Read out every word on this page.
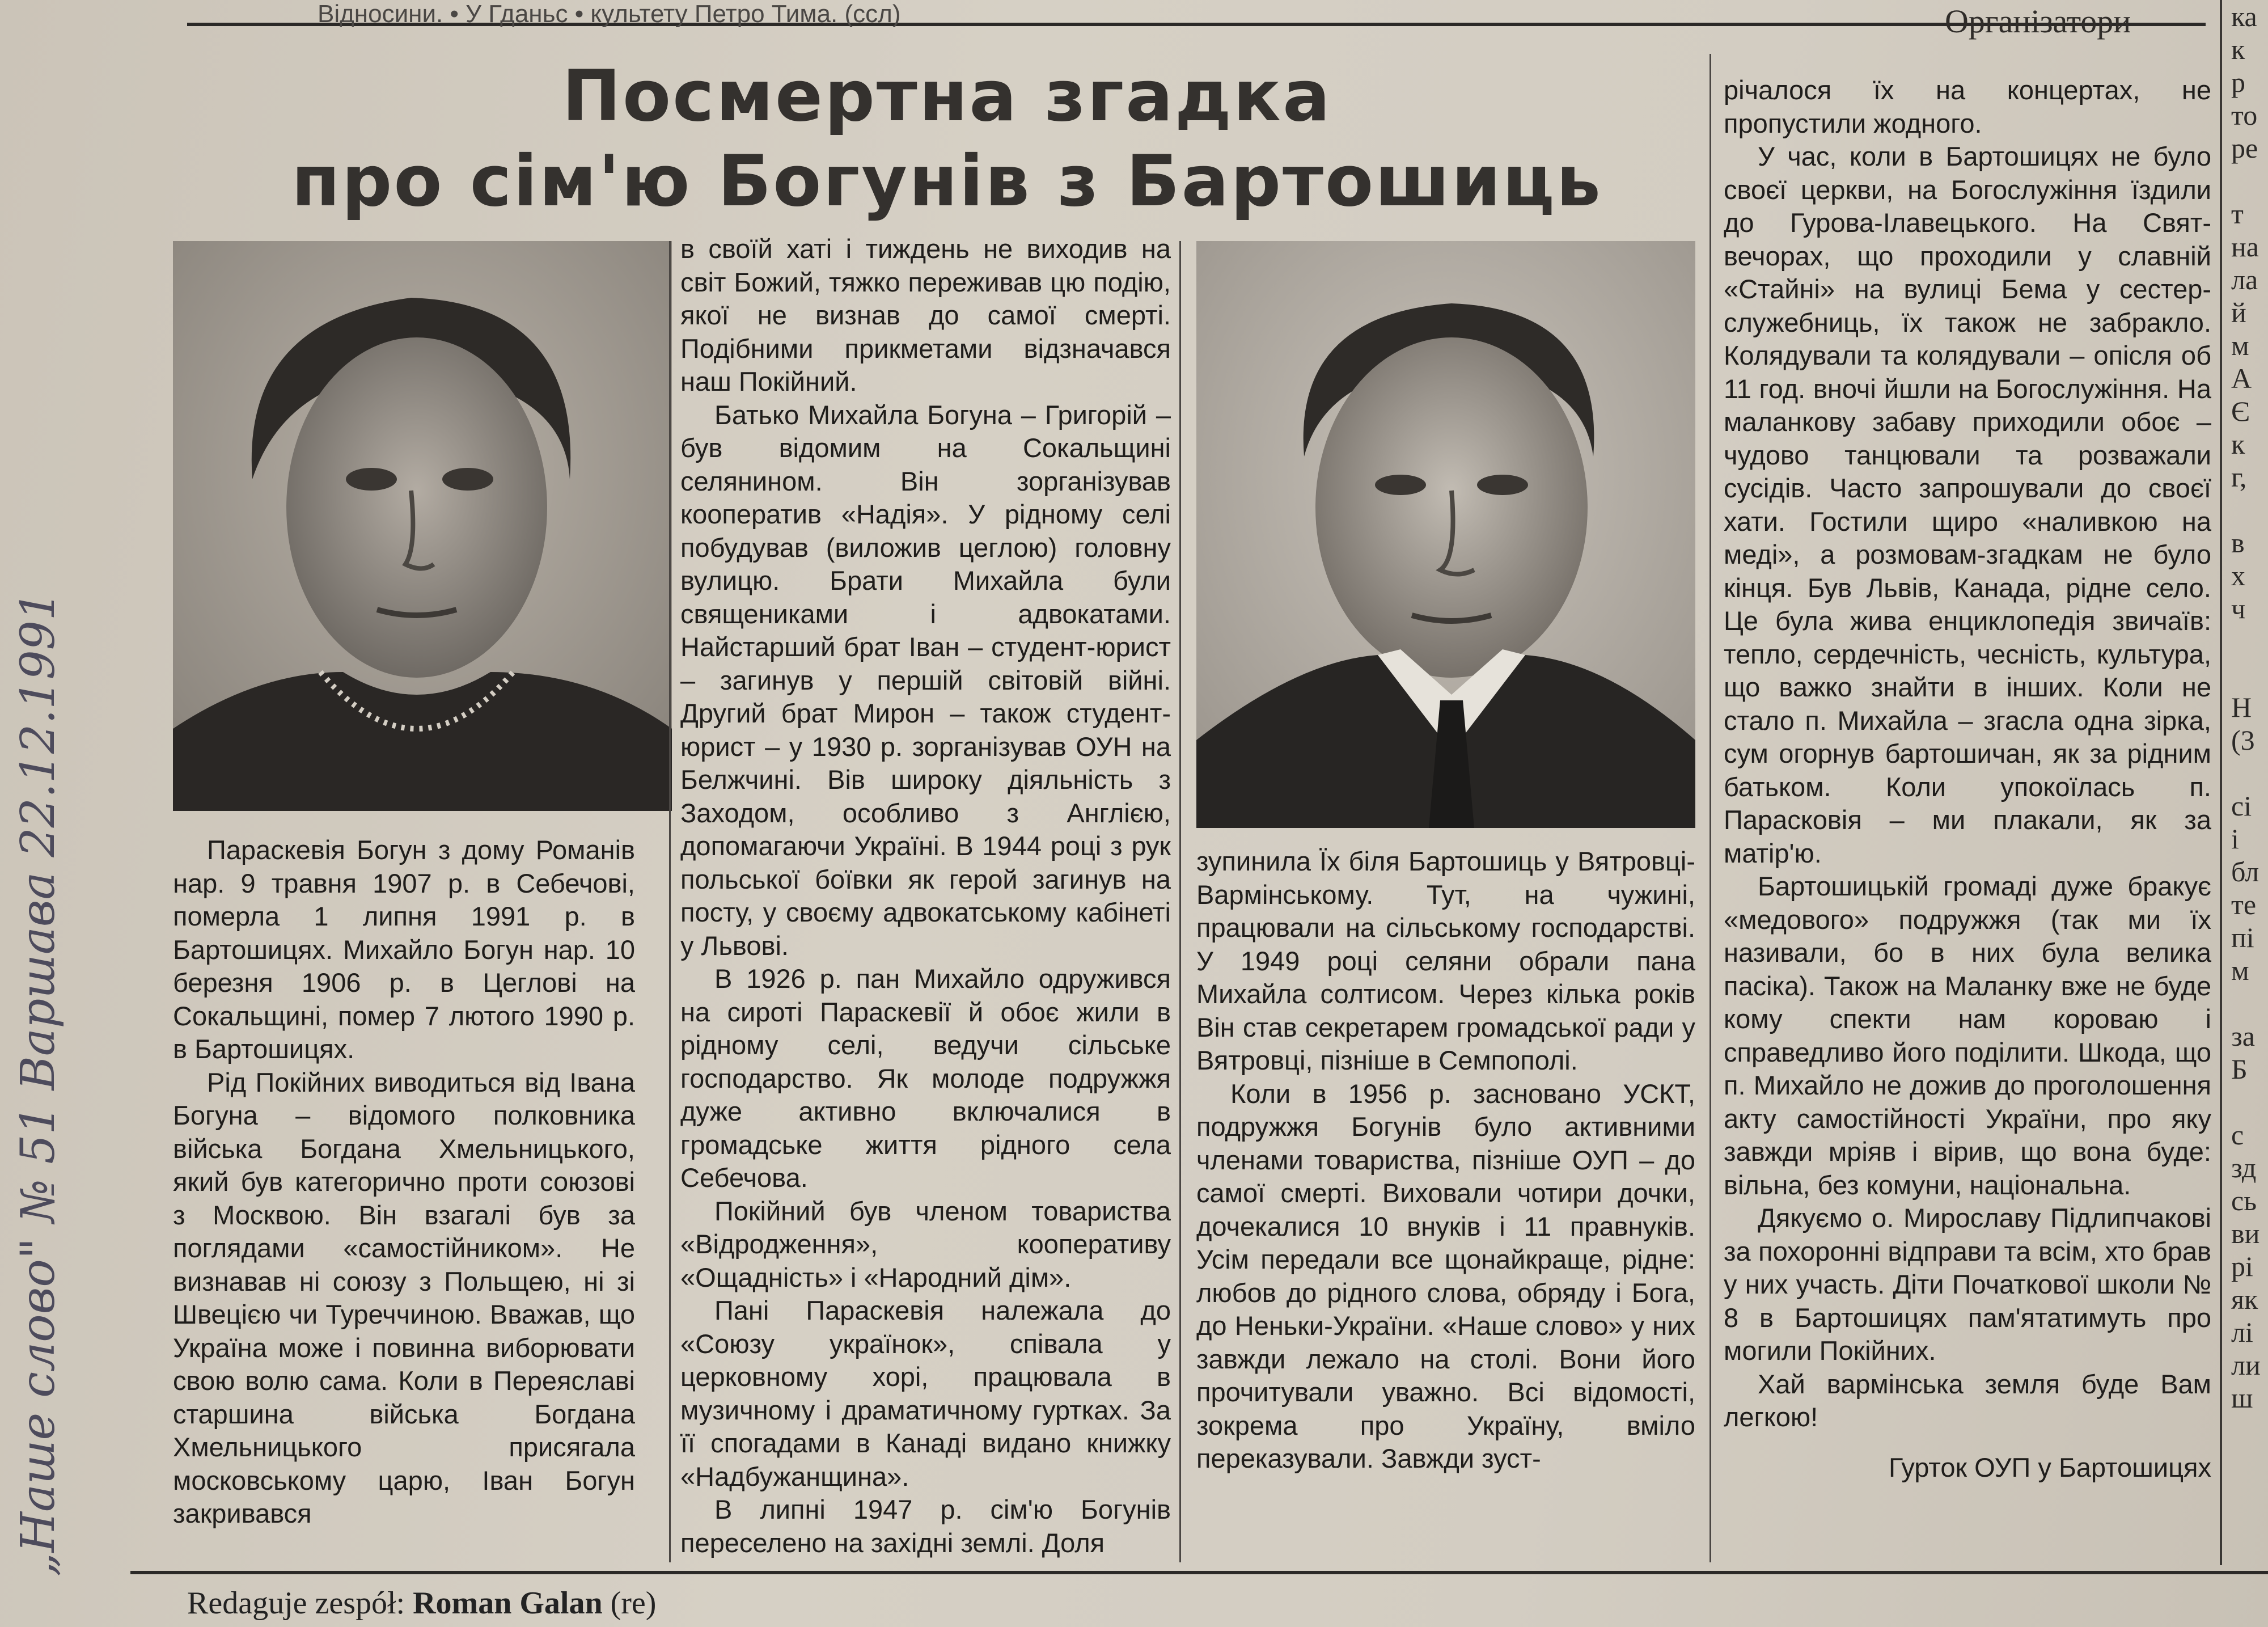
Відносини. • У Гданьс • культету Петро Тима. (ссл)	Організатори	ка
к
р
то
ре
т
на
ла
й
м
А
Є
к
г,
в
х
ч
Н
(3
сі
і
бл
те
пі
м
за
Б
с
зд
сь
ви
рі
як
лі
ли
ш
Посмертна згадка
про сім'ю Богунів з Бартошиць

Параскевія Богун з дому Романів нар. 9 травня 1907 р. в Себечові, померла 1 липня 1991 р. в Бартошицях. Михайло Богун нар. 10 березня 1906 р. в Цеглові на Сокальщині, помер 7 лютого 1990 р. в Бартошицях.

Рід Покійних виводиться від Івана Богуна – відомого полковника війська Богдана Хмельницького, який був категорично проти союзові з Москвою. Він взагалі був за поглядами «самостійником». Не визнавав ні союзу з Польщею, ні зі Швецією чи Туреччиною. Вважав, що Україна може і повинна виборювати свою волю сама. Коли в Переяславі старшина війська Богдана Хмельницького присягала московському царю, Іван Богун закривався

в своїй хаті і тиждень не виходив на світ Божий, тяжко переживав цю подію, якої не визнав до самої смерті. Подібними прикметами відзначався наш Покійний.

Батько Михайла Богуна – Григорій – був відомим на Сокальщині селянином. Він зорганізував кооператив «Надія». У рідному селі побудував (виложив цеглою) головну вулицю. Брати Михайла були священиками і адвокатами. Найстарший брат Іван – студент-юрист – загинув у першій світовій війні. Другий брат Мирон – також студент-юрист – у 1930 р. зорганізував ОУН на Белжчині. Вів широку діяльність з Заходом, особливо з Англією, допомагаючи Україні. В 1944 році з рук польської боївки як герой загинув на посту, у своєму адвокатському кабінеті у Львові.

В 1926 р. пан Михайло одружився на сироті Параскевії й обоє жили в рідному селі, ведучи сільське господарство. Як молоде подружжя дуже активно включалися в громадське життя рідного села Себечова.

Покійний був членом товариства «Відродження», кооперативу «Ощадність» і «Народний дім».

Пані Параскевія належала до «Союзу українок», співала у церковному хорі, працювала в музичному і драматичному гуртках. За її спогадами в Канаді видано книжку «Надбужанщина».

В липні 1947 р. сім'ю Богунів переселено на західні землі. Доля

зупинила Їх біля Бартошиць у Вятровці-Вармінському. Тут, на чужині, працювали на сільському господарстві. У 1949 році селяни обрали пана Михайла солтисом. Через кілька років Він став секретарем громадської ради у Вятровці, пізніше в Семпополі.

Коли в 1956 р. засновано УСКТ, подружжя Богунів було активними членами товариства, пізніше ОУП – до самої смерті. Виховали чотири дочки, дочекалися 10 внуків і 11 правнуків. Усім передали все щонайкраще, рідне: любов до рідного слова, обряду і Бога, до Неньки-України. «Наше слово» у них завжди лежало на столі. Вони його прочитували уважно. Всі відомості, зокрема про Україну, вміло переказували. Завжди зуст-

річалося їх на концертах, не пропустили жодного.

У час, коли в Бартошицях не було своєї церкви, на Богослужіння їздили до Гурова-Ілавецького. На Свят-вечорах, що проходили у славній «Стайні» на вулиці Бема у сестер-служебниць, їх також не забракло. Колядували та колядували – опісля об 11 год. вночі йшли на Богослужіння. На маланкову забаву приходили обоє – чудово танцювали та розважали сусідів. Часто запрошували до своєї хати. Гостили щиро «наливкою на меді», а розмовам-згадкам не було кінця. Був Львів, Канада, рідне село. Це була жива енциклопедія звичаїв: тепло, сердечність, чесність, культура, що важко знайти в інших. Коли не стало п. Михайла – згасла одна зірка, сум огорнув бартошичан, як за рідним батьком. Коли упокоїлась п. Парасковія – ми плакали, як за матір'ю.

Бартошицькій громаді дуже бракує «медового» подружжя (так ми їх називали, бо в них була велика пасіка). Також на Маланку вже не буде кому спекти нам короваю і справедливо його поділити. Шкода, що п. Михайло не дожив до проголошення акту самостійності України, про яку завжди мріяв і вірив, що вона буде: вільна, без комуни, національна.

Дякуємо о. Мирославу Підлипчакові за похоронні відправи та всім, хто брав у них участь. Діти Початкової школи № 8 в Бартошицях пам'ятатимуть про могили Покійних.

Хай вармінська земля буде Вам легкою!

Гурток ОУП у Бартошицях

„Наше слово" № 51 Варшава 22.12.1991
Redaguje zespół: Roman Galan (re)
